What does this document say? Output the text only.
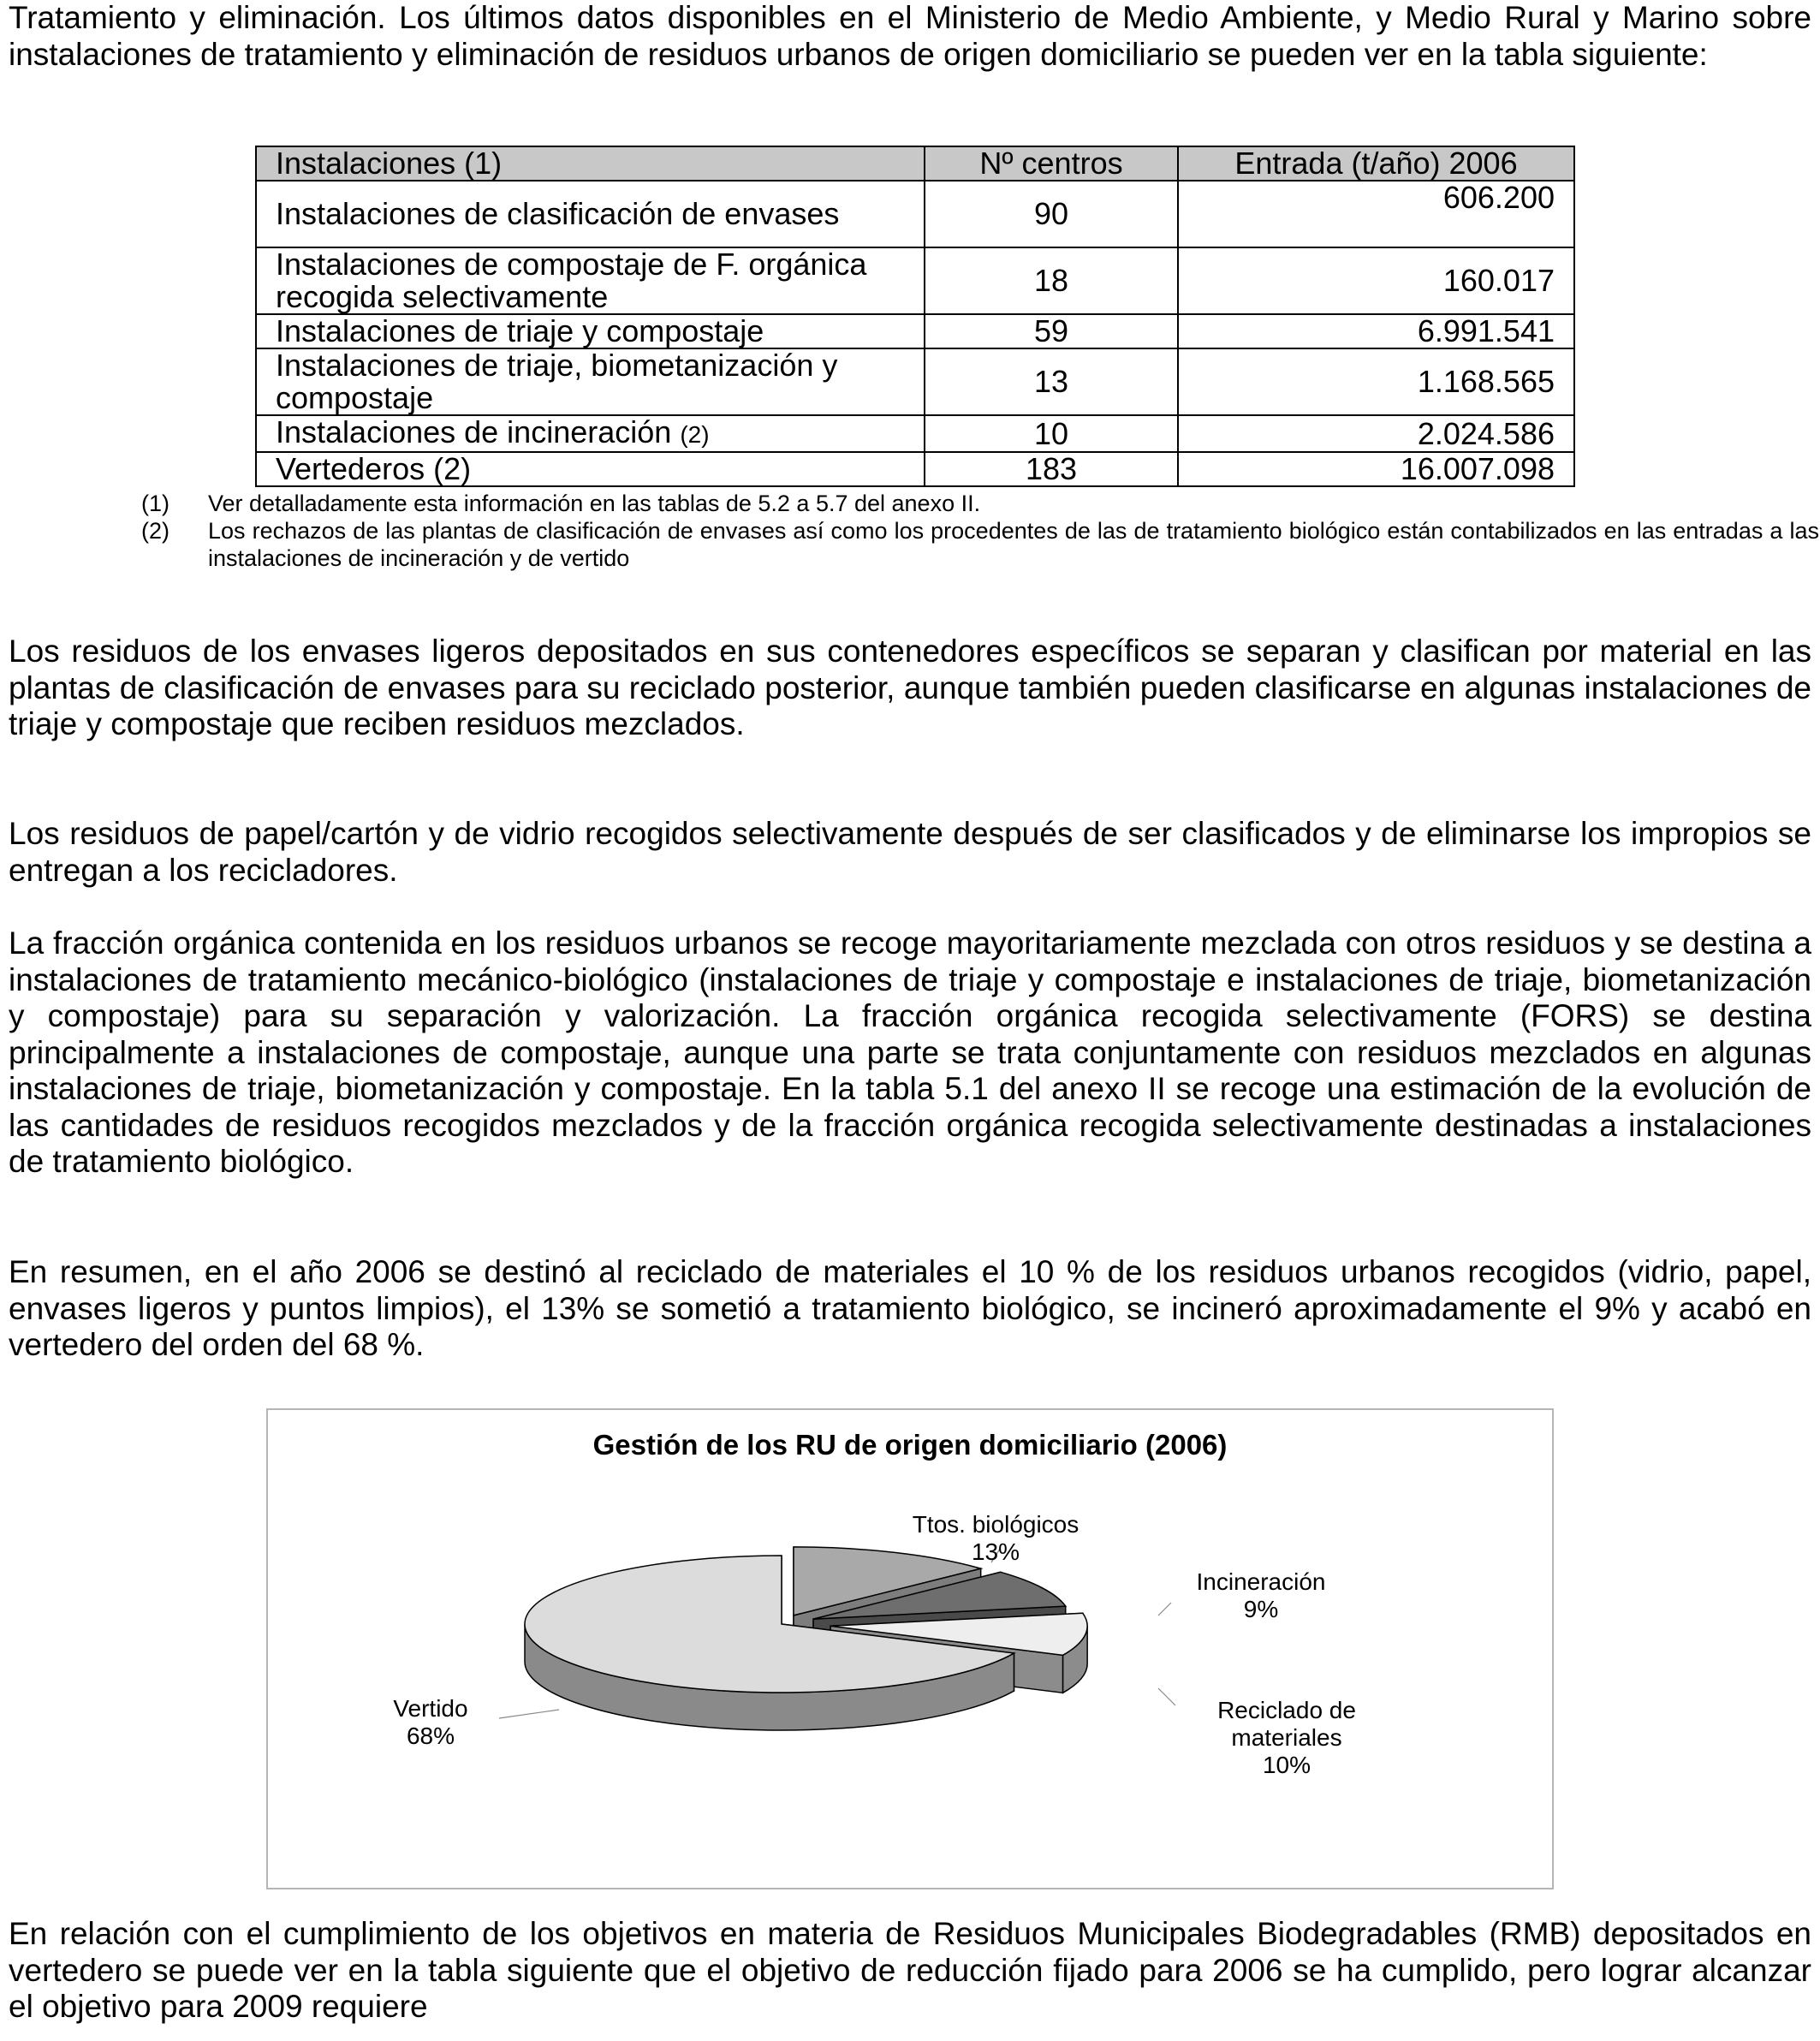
Tratamiento y eliminación. Los últimos datos disponibles en el Ministerio de Medio Ambiente, y Medio Rural y Marino sobre instalaciones de tratamiento y eliminación de residuos urbanos de origen domiciliario se pueden ver en la tabla siguiente:

Instalaciones (1)	Nº centros	Entrada (t/año) 2006
Instalaciones de clasificación de envases	90	606.200
Instalaciones de compostaje de F. orgánica recogida selectivamente	18	160.017
Instalaciones de triaje y compostaje	59	6.991.541
Instalaciones de triaje, biometanización y compostaje	13	1.168.565
Instalaciones de incineración (2)	10	2.024.586
Vertederos (2)	183	16.007.098
(1)	Ver detalladamente esta información en las tablas de 5.2 a 5.7 del anexo II.
(2)	Los rechazos de las plantas de clasificación de envases así como los procedentes de las de tratamiento biológico están contabilizados en las entradas a las instalaciones de incineración y de vertido

Los residuos de los envases ligeros depositados en sus contenedores específicos se separan y clasifican por material en las plantas de clasificación de envases para su reciclado posterior, aunque también pueden clasificarse en algunas instalaciones de triaje y compostaje que reciben residuos mezclados.

Los residuos de papel/cartón y de vidrio recogidos selectivamente después de ser clasificados y de eliminarse los impropios se entregan a los recicladores.

La fracción orgánica contenida en los residuos urbanos se recoge mayoritariamente mezclada con otros residuos y se destina a instalaciones de tratamiento mecánico-biológico (instalaciones de triaje y compostaje e instalaciones de triaje, biometanización y compostaje) para su separación y valorización. La fracción orgánica recogida selectivamente (FORS) se destina principalmente a instalaciones de compostaje, aunque una parte se trata conjuntamente con residuos mezclados en algunas instalaciones de triaje, biometanización y compostaje. En la tabla 5.1 del anexo II se recoge una estimación de la evolución de las cantidades de residuos recogidos mezclados y de la fracción orgánica recogida selectivamente destinadas a instalaciones de tratamiento biológico.

En resumen, en el año 2006 se destinó al reciclado de materiales el 10 % de los residuos urbanos recogidos (vidrio, papel, envases ligeros y puntos limpios), el 13% se sometió a tratamiento biológico, se incineró aproximadamente el 9% y acabó en vertedero del orden del 68 %.

Gestión de los RU de origen domiciliario (2006)
Ttos. biológicos
13%
Incineración
9%
Reciclado de
materiales
10%
Vertido
68%

En relación con el cumplimiento de los objetivos en materia de Residuos Municipales Biodegradables (RMB) depositados en vertedero se puede ver en la tabla siguiente que el objetivo de reducción fijado para 2006 se ha cumplido, pero lograr alcanzar el objetivo para 2009 requiere
